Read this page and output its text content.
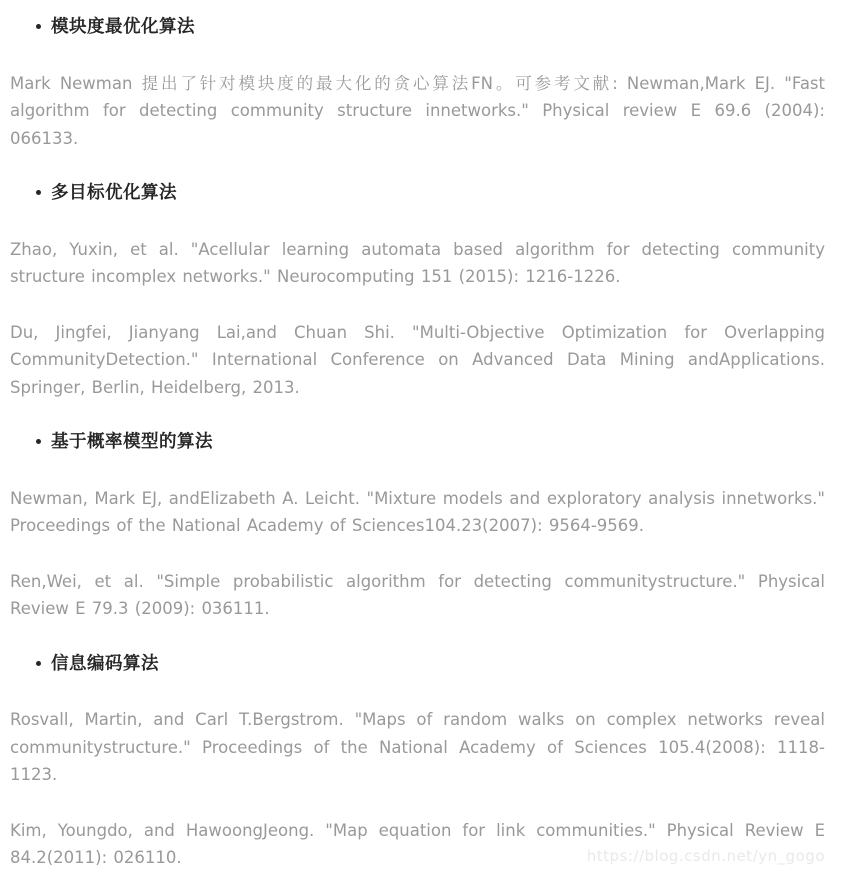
模块度最优化算法

Mark Newman 提出了针对模块度的最大化的贪心算法FN。可参考文献: Newman,Mark EJ. "Fast algorithm for detecting community structure innetworks." Physical review E 69.6 (2004): 066133.

多目标优化算法

Zhao, Yuxin, et al. "Acellular learning automata based algorithm for detecting community structure incomplex networks." Neurocomputing 151 (2015): 1216-1226.

Du, Jingfei, Jianyang Lai,and Chuan Shi. "Multi-Objective Optimization for Overlapping CommunityDetection." International Conference on Advanced Data Mining andApplications. Springer, Berlin, Heidelberg, 2013.

基于概率模型的算法

Newman, Mark EJ, andElizabeth A. Leicht. "Mixture models and exploratory analysis innetworks." Proceedings of the National Academy of Sciences104.23(2007): 9564-9569.

Ren,Wei, et al. "Simple probabilistic algorithm for detecting communitystructure." Physical Review E 79.3 (2009): 036111.

信息编码算法

Rosvall, Martin, and Carl T.Bergstrom. "Maps of random walks on complex networks reveal communitystructure." Proceedings of the National Academy of Sciences 105.4(2008): 1118-1123.

Kim, Youngdo, and HawoongJeong. "Map equation for link communities." Physical Review E 84.2(2011): 026110.	https://blog.csdn.net/yn_gogo
